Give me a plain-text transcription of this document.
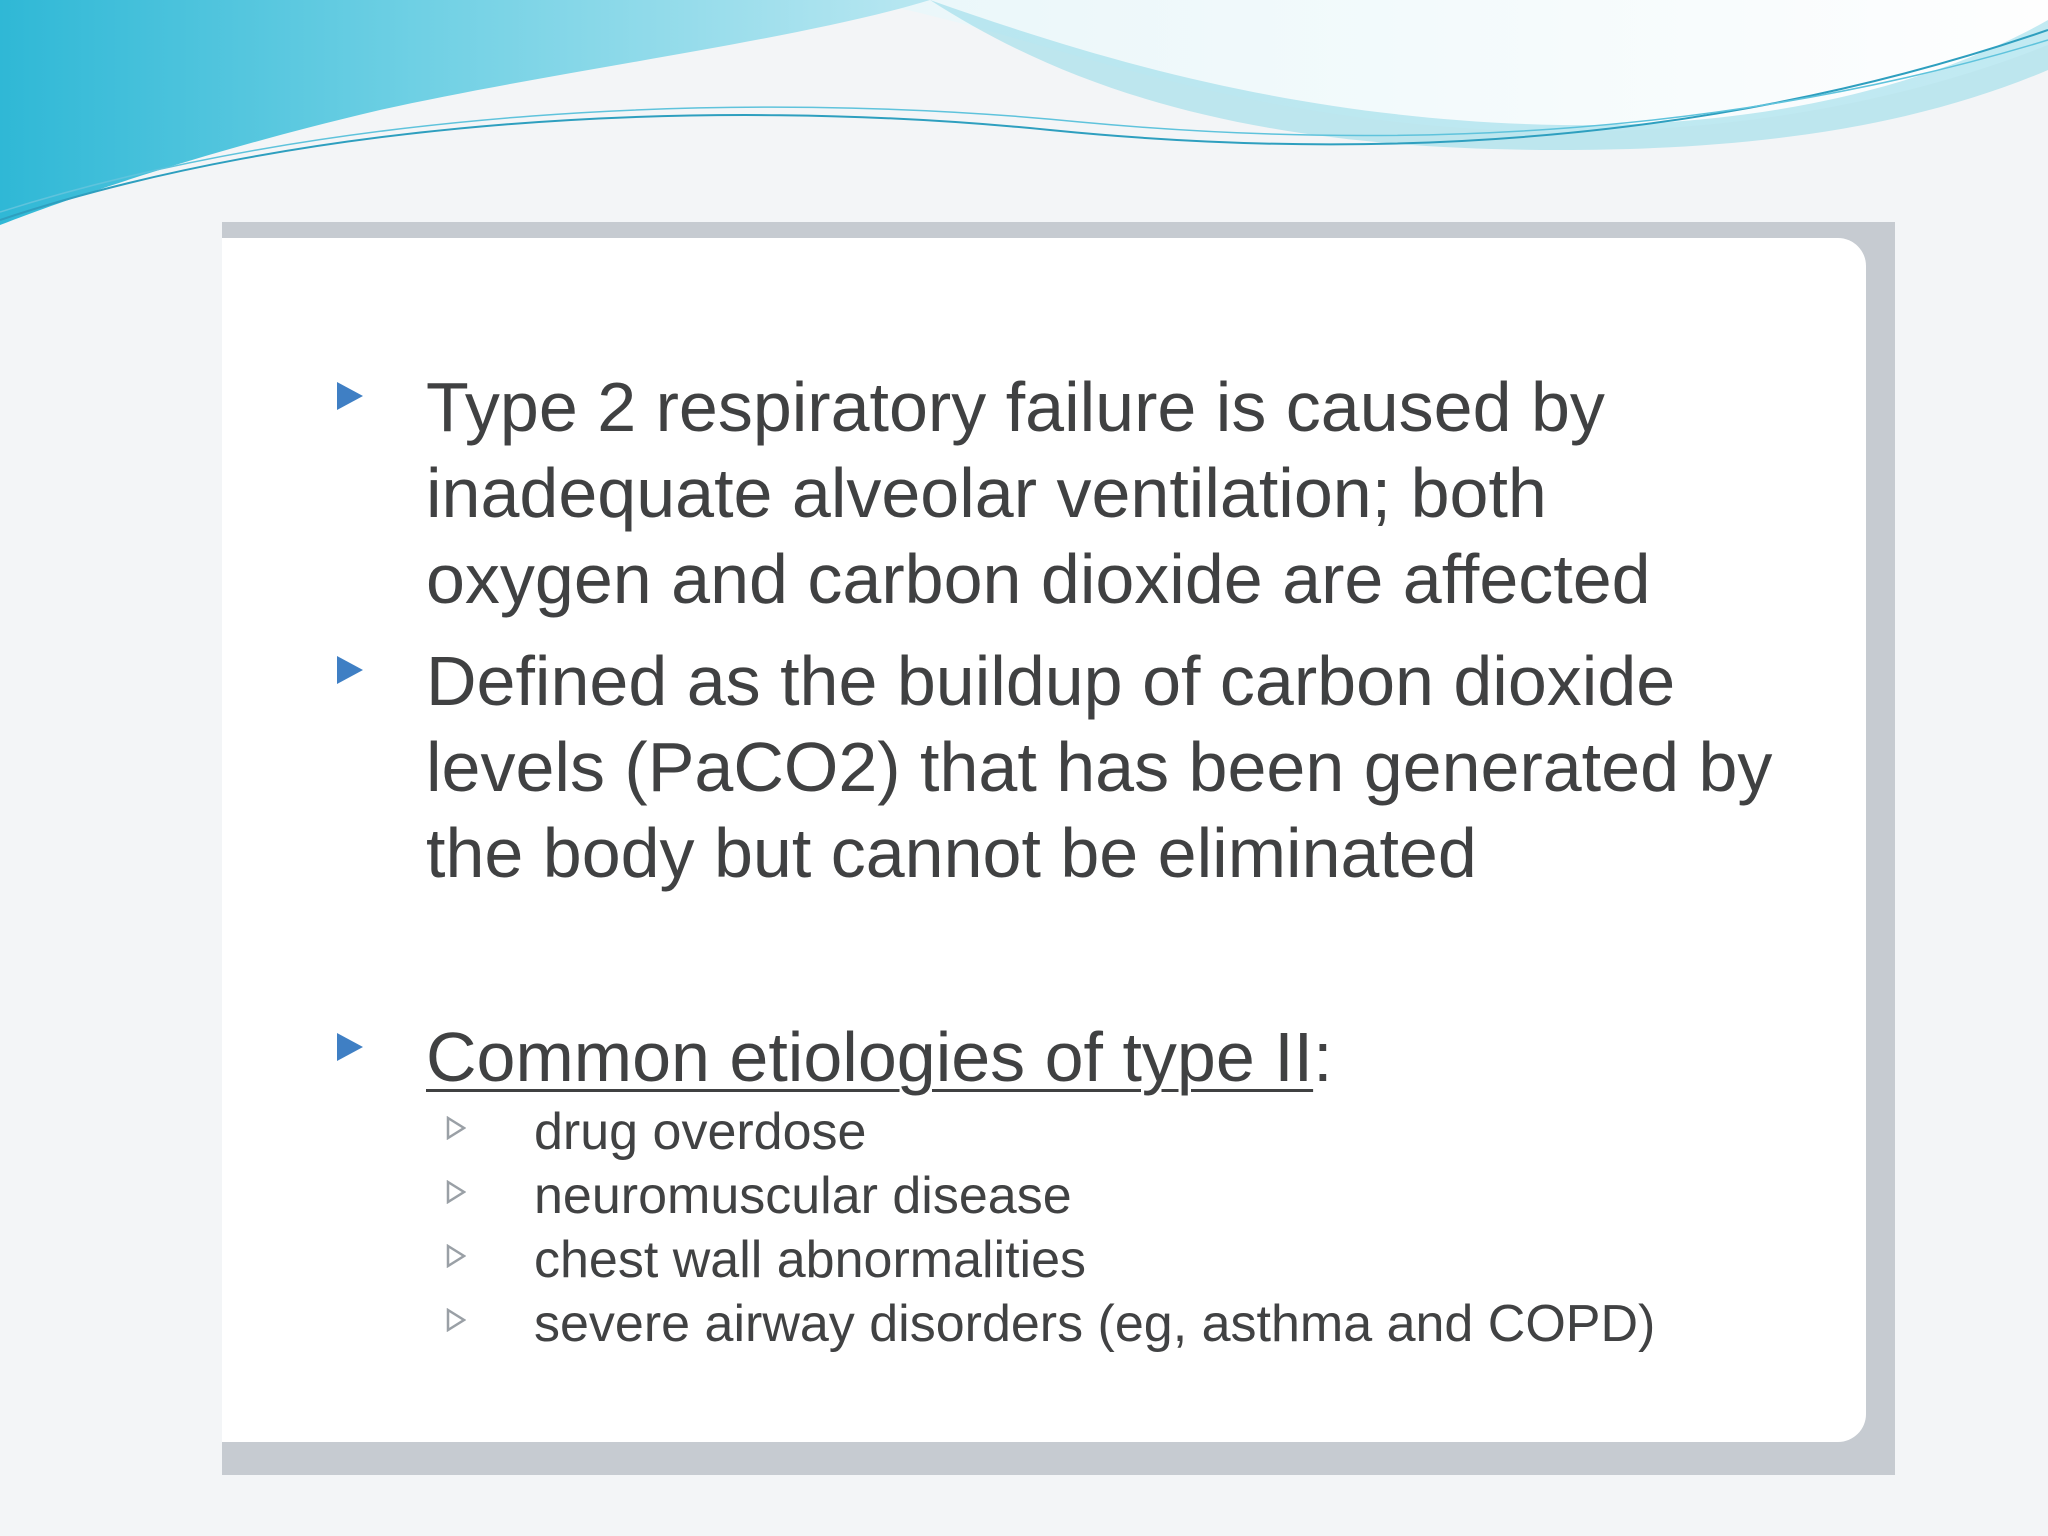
Type 2 respiratory failure is caused by
inadequate alveolar ventilation; both
oxygen and carbon dioxide are affected
Defined as the buildup of carbon dioxide
levels (PaCO2) that has been generated by
the body but cannot be eliminated
Common etiologies of type II:
drug overdose
neuromuscular disease
chest wall abnormalities
severe airway disorders (eg, asthma and COPD)
